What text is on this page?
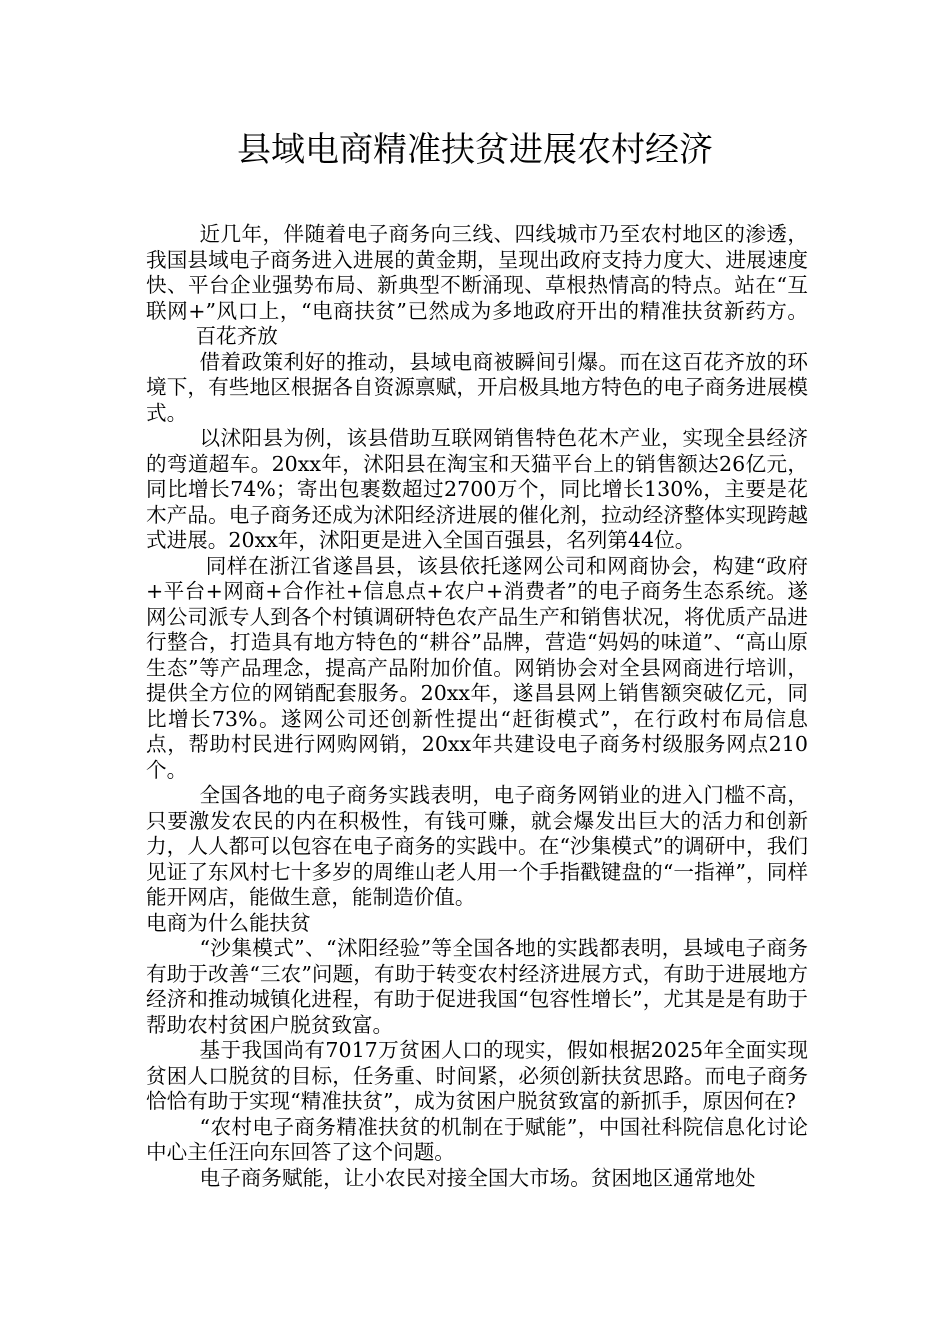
县域电商精准扶贫进展农村经济

近几年，伴随着电子商务向三线、四线城市乃至农村地区的渗透，我国县域电子商务进入进展的黄金期，呈现出政府支持力度大、进展速度快、平台企业强势布局、新典型不断涌现、草根热情高的特点。站在“互联网+”风口上，“电商扶贫”已然成为多地政府开出的精准扶贫新药方。百花齐放

借着政策利好的推动，县域电商被瞬间引爆。而在这百花齐放的环境下，有些地区根据各自资源禀赋，开启极具地方特色的电子商务进展模式。

以沭阳县为例，该县借助互联网销售特色花木产业，实现全县经济的弯道超车。20xx年，沭阳县在淘宝和天猫平台上的销售额达26亿元，同比增长74%；寄出包裹数超过2700万个，同比增长130%，主要是花木产品。电子商务还成为沭阳经济进展的催化剂，拉动经济整体实现跨越式进展。20xx年，沭阳更是进入全国百强县，名列第44位。

同样在浙江省遂昌县，该县依托遂网公司和网商协会，构建“政府+平台+网商+合作社+信息点+农户+消费者”的电子商务生态系统。遂网公司派专人到各个村镇调研特色农产品生产和销售状况，将优质产品进行整合，打造具有地方特色的“耕谷”品牌，营造“妈妈的味道”、“高山原生态”等产品理念，提高产品附加价值。网销协会对全县网商进行培训，提供全方位的网销配套服务。20xx年，遂昌县网上销售额突破亿元，同比增长73%。遂网公司还创新性提出“赶街模式”，在行政村布局信息点，帮助村民进行网购网销，20xx年共建设电子商务村级服务网点210个。

全国各地的电子商务实践表明，电子商务网销业的进入门槛不高，只要激发农民的内在积极性，有钱可赚，就会爆发出巨大的活力和创新力，人人都可以包容在电子商务的实践中。在“沙集模式”的调研中，我们见证了东风村七十多岁的周维山老人用一个手指戳键盘的“一指禅”，同样能开网店，能做生意，能制造价值。

电商为什么能扶贫

“沙集模式”、“沭阳经验”等全国各地的实践都表明，县域电子商务有助于改善“三农”问题，有助于转变农村经济进展方式，有助于进展地方经济和推动城镇化进程，有助于促进我国“包容性增长”，尤其是是有助于帮助农村贫困户脱贫致富。

基于我国尚有7017万贫困人口的现实，假如根据2025年全面实现贫困人口脱贫的目标，任务重、时间紧，必须创新扶贫思路。而电子商务恰恰有助于实现“精准扶贫”，成为贫困户脱贫致富的新抓手，原因何在?

“农村电子商务精准扶贫的机制在于赋能”，中国社科院信息化讨论中心主任汪向东回答了这个问题。

电子商务赋能，让小农民对接全国大市场。贫困地区通常地处
